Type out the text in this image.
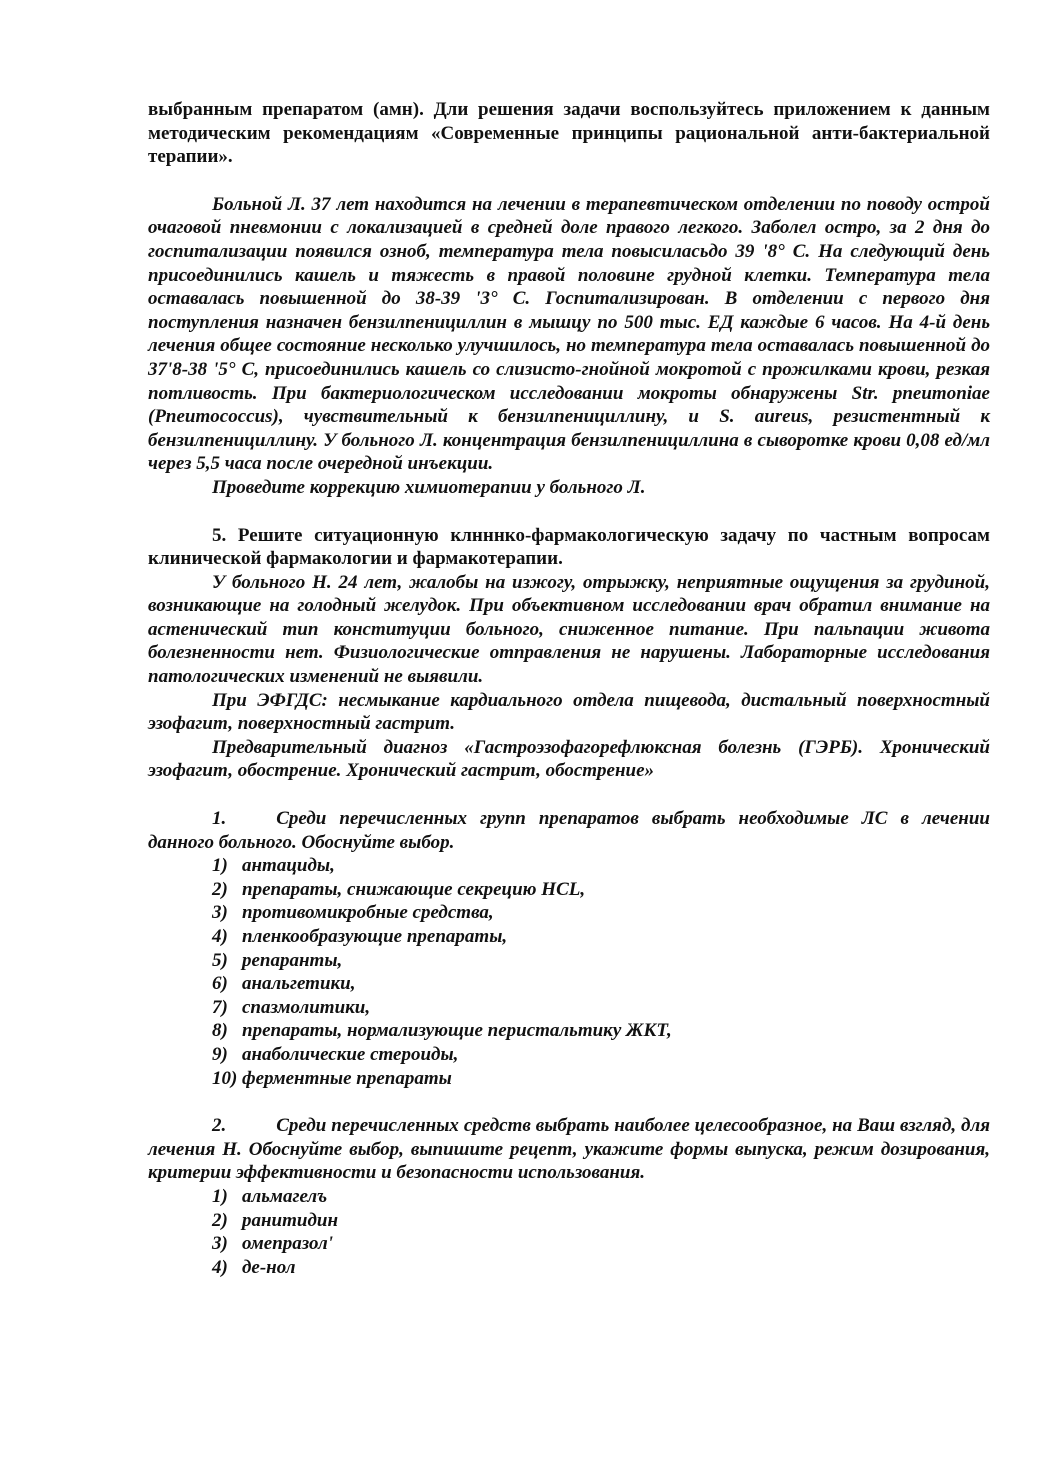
выбранным препаратом (амн). Дли решения задачи воспользуйтесь приложением к данным методическим рекомендациям «Современные принципы рациональной анти-бактериальной терапии».

Больной Л. 37 лет находится на лечении в терапевтическом отделении по поводу острой очаговой пневмонии с локализацией в средней доле правого легкого. Заболел остро, за 2 дня до госпитализации появился озноб, температура тела повысиласьдо 39 '8° С. На следующий день присоединились кашель и тяжесть в правой половине грудной клетки. Температура тела оставалась повышенной до 38-39 '3° С. Госпитализирован. В отделении с первого дня поступления назначен бензилпенициллин в мышцу по 500 тыс. ЕД каждые 6 часов. На 4-й день лечения общее состояние несколько улучшилось, но температура тела оставалась повышенной до 37'8-38 '5° С, присоединились кашель со слизисто-гнойной мокротой с прожилками крови, резкая потливость. При бактериологическом исследовании мокроты обнаружены Str. pneumoniae (Pneumococcus), чувствительный к бензилпенициллину, и S. aureus, резистентный к бензилпенициллину. У больного Л. концентрация бензилпенициллина в сыворотке крови 0,08 ед/мл через 5,5 часа после очередной инъекции.

Проведите коррекцию химиотерапии у больного Л.

5. Решите ситуационную клнннко-фармакологическую задачу по частным вопросам клинической фармакологии и фармакотерапии.

У больного Н. 24 лет, жалобы на изжогу, отрыжку, неприятные ощущения за грудиной, возникающие на голодный желудок. При объективном исследовании врач обратил внимание на астенический тип конституции больного, сниженное питание. При пальпации живота болезненности нет. Физиологические отправления не нарушены. Лабораторные исследования патологических изменений не выявили.

При ЭФГДС: несмыкание кардиального отдела пищевода, дистальный поверхностный эзофагит, поверхностный гастрит.

Предварительный диагноз «Гастроэзофагорефлюксная болезнь (ГЭРБ). Хронический эзофагит, обострение. Хронический гастрит, обострение»

1.	Среди перечисленных групп препаратов выбрать необходимые ЛС в лечении данного больного. Обоснуйте выбор.

1) антациды,
2) препараты, снижающие секрецию HCL,
3) противомикробные средства,
4) пленкообразующие препараты,
5) репаранты,
6) анальгетики,
7) спазмолитики,
8) препараты, нормализующие перистальтику ЖКТ,
9) анаболические стероиды,
10) ферментные препараты

2.	Среди перечисленных средств выбрать наиболее целесообразное, на Ваш взгляд, для лечения Н. Обоснуйте выбор, выпишите рецепт, укажите формы выпуска, режим дозирования, критерии эффективности и безопасности использования.

1) альмагелъ
2) ранитидин
3) омепразол'
4) де-нол
